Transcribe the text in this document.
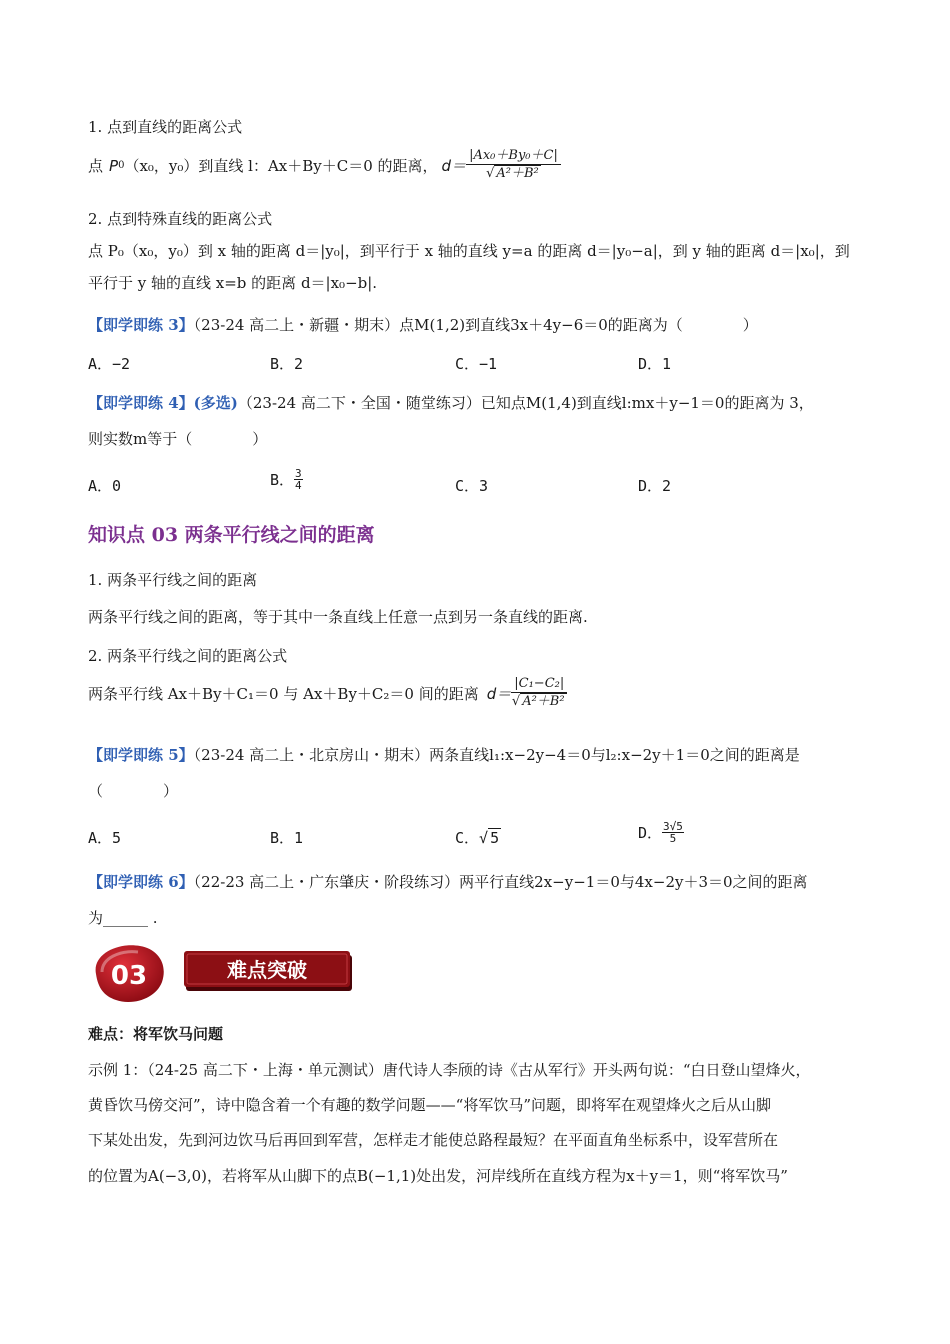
1. 点到直线的距离公式
点 P 0 （x₀，y₀）到直线 l：Ax＋By＋C＝0 的距离， $d= \frac{\text{|Ax₀＋By₀＋C|}}{\text{√ A²＋B²}}$
2. 点到特殊直线的距离公式
点 P₀（x₀，y₀）到 x 轴的距离 d＝|y₀|，到平行于 x 轴的直线 y=a 的距离 d＝|y₀−a|，到 y 轴的距离 d＝|x₀|，到
平行于 y 轴的直线 x=b 的距离 d＝|x₀−b|.
【即学即练 3】（23-24 高二上・新疆・期末）点M(1,2)到直线3x＋4y−6＝0的距离为（　　　　）
A．−2	B．2	C．−1	D．1
【即学即练 4】(多选)（23-24 高二下・全国・随堂练习）已知点M(1,4)到直线l:mx＋y−1＝0的距离为 3，
则实数m等于（　　　　）
A．0	B． $\frac{3}{4}$	C．3	D．2
知识点 03 两条平行线之间的距离
1. 两条平行线之间的距离
两条平行线之间的距离，等于其中一条直线上任意一点到另一条直线的距离.
2. 两条平行线之间的距离公式
两条平行线 Ax＋By＋C₁＝0 与 Ax＋By＋C₂＝0 间的距离 $d= \frac{\text{|C₁−C₂|}}{\text{√ A²＋B²}}$
【即学即练 5】（23-24 高二上・北京房山・期末）两条直线l₁:x−2y−4＝0与l₂:x−2y＋1＝0之间的距离是
（　　　　）
A．5	B．1	C．√ 5	D． $\frac{3√5}{5}$
【即学即练 6】（22-23 高二上・广东肇庆・阶段练习）两平行直线2x−y−1＝0与4x−2y＋3＝0之间的距离
为______ .
03	难点突破
难点：将军饮马问题
示例 1：（24-25 高二下・上海・单元测试）唐代诗人李颀的诗《古从军行》开头两句说：“白日登山望烽火，
黄昏饮马傍交河”，诗中隐含着一个有趣的数学问题——“将军饮马”问题，即将军在观望烽火之后从山脚
下某处出发，先到河边饮马后再回到军营，怎样走才能使总路程最短？在平面直角坐标系中，设军营所在
的位置为A(−3,0)，若将军从山脚下的点B(−1,1)处出发，河岸线所在直线方程为x＋y＝1，则“将军饮马”
